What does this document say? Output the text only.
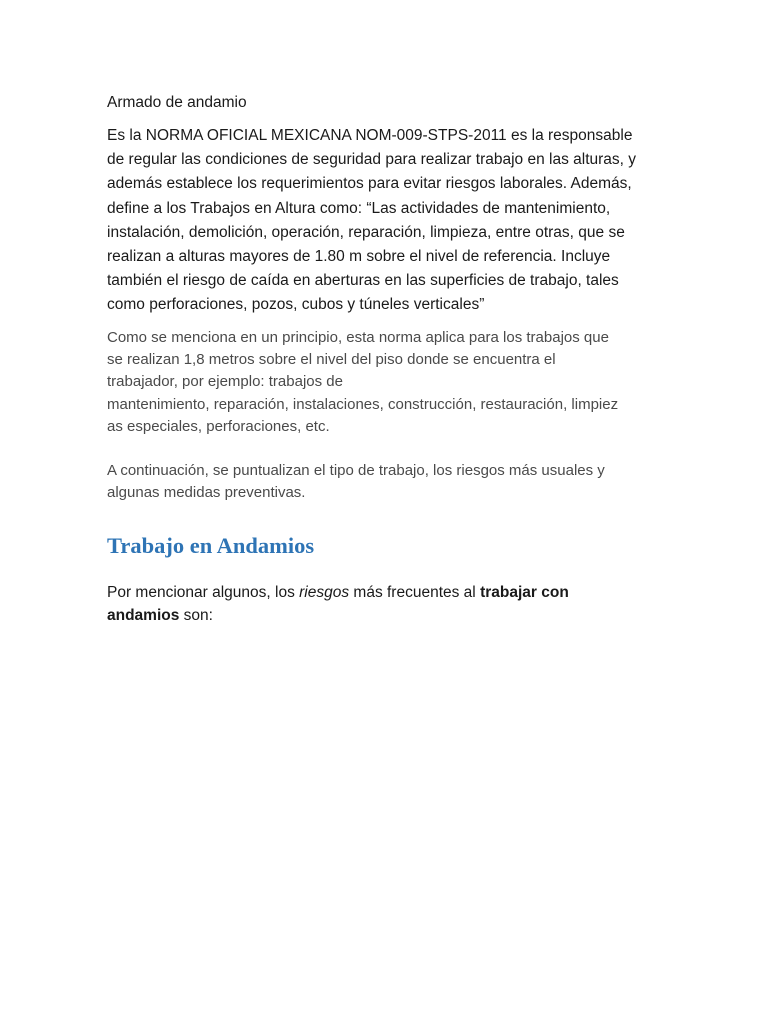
Armado de andamio

Es la NORMA OFICIAL MEXICANA NOM-009-STPS-2011 es la responsable de regular las condiciones de seguridad para realizar trabajo en las alturas, y además establece los requerimientos para evitar riesgos laborales. Además, define a los Trabajos en Altura como: “Las actividades de mantenimiento, instalación, demolición, operación, reparación, limpieza, entre otras, que se realizan a alturas mayores de 1.80 m sobre el nivel de referencia. Incluye también el riesgo de caída en aberturas en las superficies de trabajo, tales como perforaciones, pozos, cubos y túneles verticales”

Como se menciona en un principio, esta norma aplica para los trabajos que
se realizan 1,8 metros sobre el nivel del piso donde se encuentra el
trabajador, por ejemplo: trabajos de
mantenimiento, reparación, instalaciones, construcción, restauración, limpiez
as especiales, perforaciones, etc.

A continuación, se puntualizan el tipo de trabajo, los riesgos más usuales y
algunas medidas preventivas.

Trabajo en Andamios

Por mencionar algunos, los riesgos más frecuentes al trabajar con
andamios son:
